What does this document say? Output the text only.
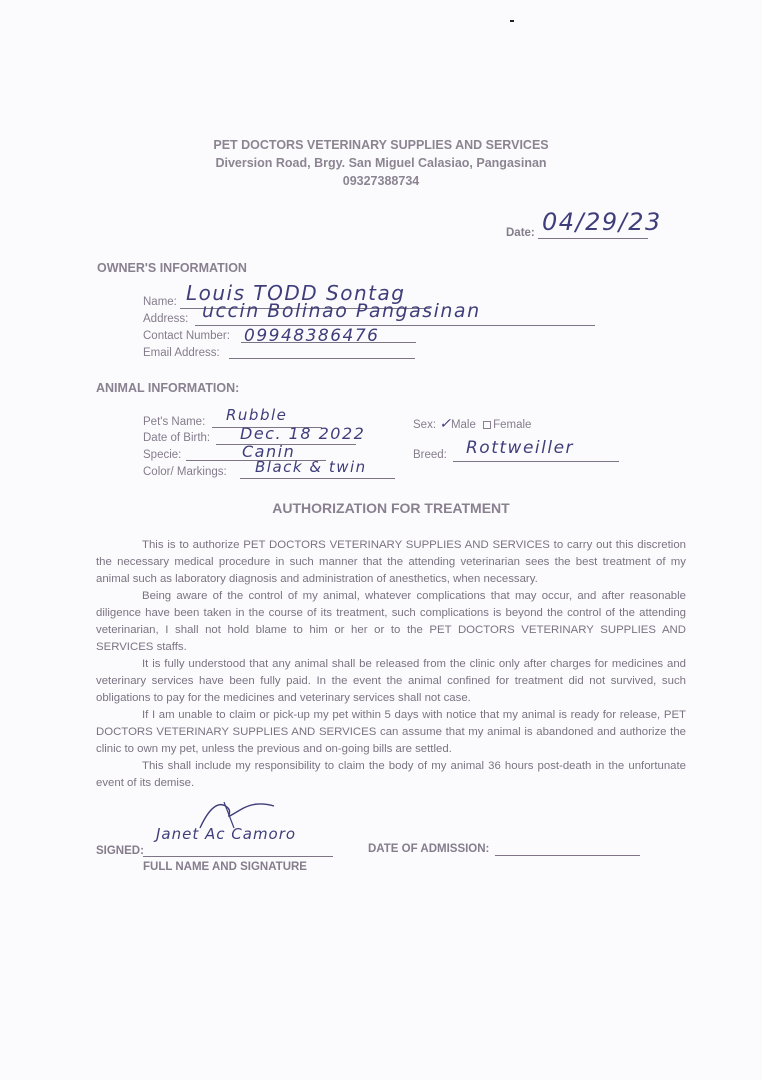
PET DOCTORS VETERINARY SUPPLIES AND SERVICES
Diversion Road, Brgy. San Miguel Calasiao, Pangasinan
09327388734
Date: 04/29/23
OWNER'S INFORMATION
Name: Louis TODD Sontag
Address: uccin Bolinao Pangasinan
Contact Number: 09948386476
Email Address:
ANIMAL INFORMATION:
Pet's Name: Rubble
Date of Birth: Dec. 18 2022
Specie:	Canin
Color/ Markings: Black & twin
Sex: ✓Male Female
Breed: Rottweiller
AUTHORIZATION FOR TREATMENT

This is to authorize PET DOCTORS VETERINARY SUPPLIES AND SERVICES to carry out this discretion the necessary medical procedure in such manner that the attending veterinarian sees the best treatment of my animal such as laboratory diagnosis and administration of anesthetics, when necessary.

Being aware of the control of my animal, whatever complications that may occur, and after reasonable diligence have been taken in the course of its treatment, such complications is beyond the control of the attending veterinarian, I shall not hold blame to him or her or to the PET DOCTORS VETERINARY SUPPLIES AND SERVICES staffs.

It is fully understood that any animal shall be released from the clinic only after charges for medicines and veterinary services have been fully paid. In the event the animal confined for treatment did not survived, such obligations to pay for the medicines and veterinary services shall not case.

If I am unable to claim or pick-up my pet within 5 days with notice that my animal is ready for release, PET DOCTORS VETERINARY SUPPLIES AND SERVICES can assume that my animal is abandoned and authorize the clinic to own my pet, unless the previous and on-going bills are settled.

This shall include my responsibility to claim the body of my animal 36 hours post-death in the unfortunate event of its demise.

SIGNED:
Janet Ac Camoro
FULL NAME AND SIGNATURE
DATE OF ADMISSION:
